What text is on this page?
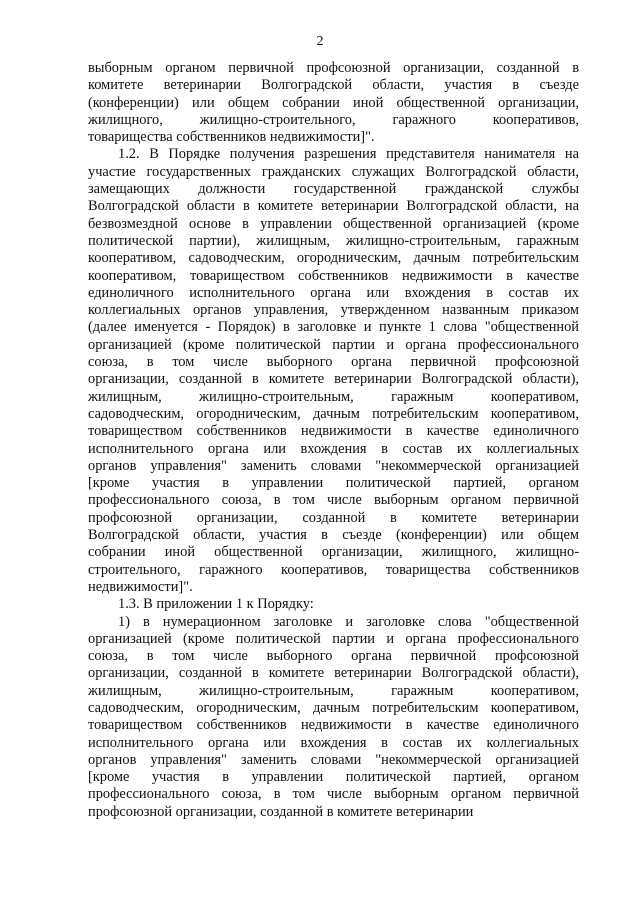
2
выборным органом первичной профсоюзной организации, созданной в
комитете ветеринарии Волгоградской области, участия в съезде
(конференции) или общем собрании иной общественной организации,
жилищного, жилищно-строительного, гаражного кооперативов,
товарищества собственников недвижимости]".
1.2. В Порядке получения разрешения представителя нанимателя на
участие государственных гражданских служащих Волгоградской области,
замещающих должности государственной гражданской службы
Волгоградской области в комитете ветеринарии Волгоградской области, на
безвозмездной основе в управлении общественной организацией (кроме
политической партии), жилищным, жилищно-строительным, гаражным
кооперативом, садоводческим, огородническим, дачным потребительским
кооперативом, товариществом собственников недвижимости в качестве
единоличного исполнительного органа или вхождения в состав их
коллегиальных органов управления, утвержденном названным приказом
(далее именуется - Порядок) в заголовке и пункте 1 слова "общественной
организацией (кроме политической партии и органа профессионального
союза, в том числе выборного органа первичной профсоюзной
организации, созданной в комитете ветеринарии Волгоградской области),
жилищным, жилищно-строительным, гаражным кооперативом,
садоводческим, огородническим, дачным потребительским кооперативом,
товариществом собственников недвижимости в качестве единоличного
исполнительного органа или вхождения в состав их коллегиальных
органов управления" заменить словами "некоммерческой организацией
[кроме участия в управлении политической партией, органом
профессионального союза, в том числе выборным органом первичной
профсоюзной организации, созданной в комитете ветеринарии
Волгоградской области, участия в съезде (конференции) или общем
собрании иной общественной организации, жилищного, жилищно-
строительного, гаражного кооперативов, товарищества собственников
недвижимости]".
1.3. В приложении 1 к Порядку:
1) в нумерационном заголовке и заголовке слова "общественной
организацией (кроме политической партии и органа профессионального
союза, в том числе выборного органа первичной профсоюзной
организации, созданной в комитете ветеринарии Волгоградской области),
жилищным, жилищно-строительным, гаражным кооперативом,
садоводческим, огородническим, дачным потребительским кооперативом,
товариществом собственников недвижимости в качестве единоличного
исполнительного органа или вхождения в состав их коллегиальных
органов управления" заменить словами "некоммерческой организацией
[кроме участия в управлении политической партией, органом
профессионального союза, в том числе выборным органом первичной
профсоюзной организации, созданной в комитете ветеринарии
